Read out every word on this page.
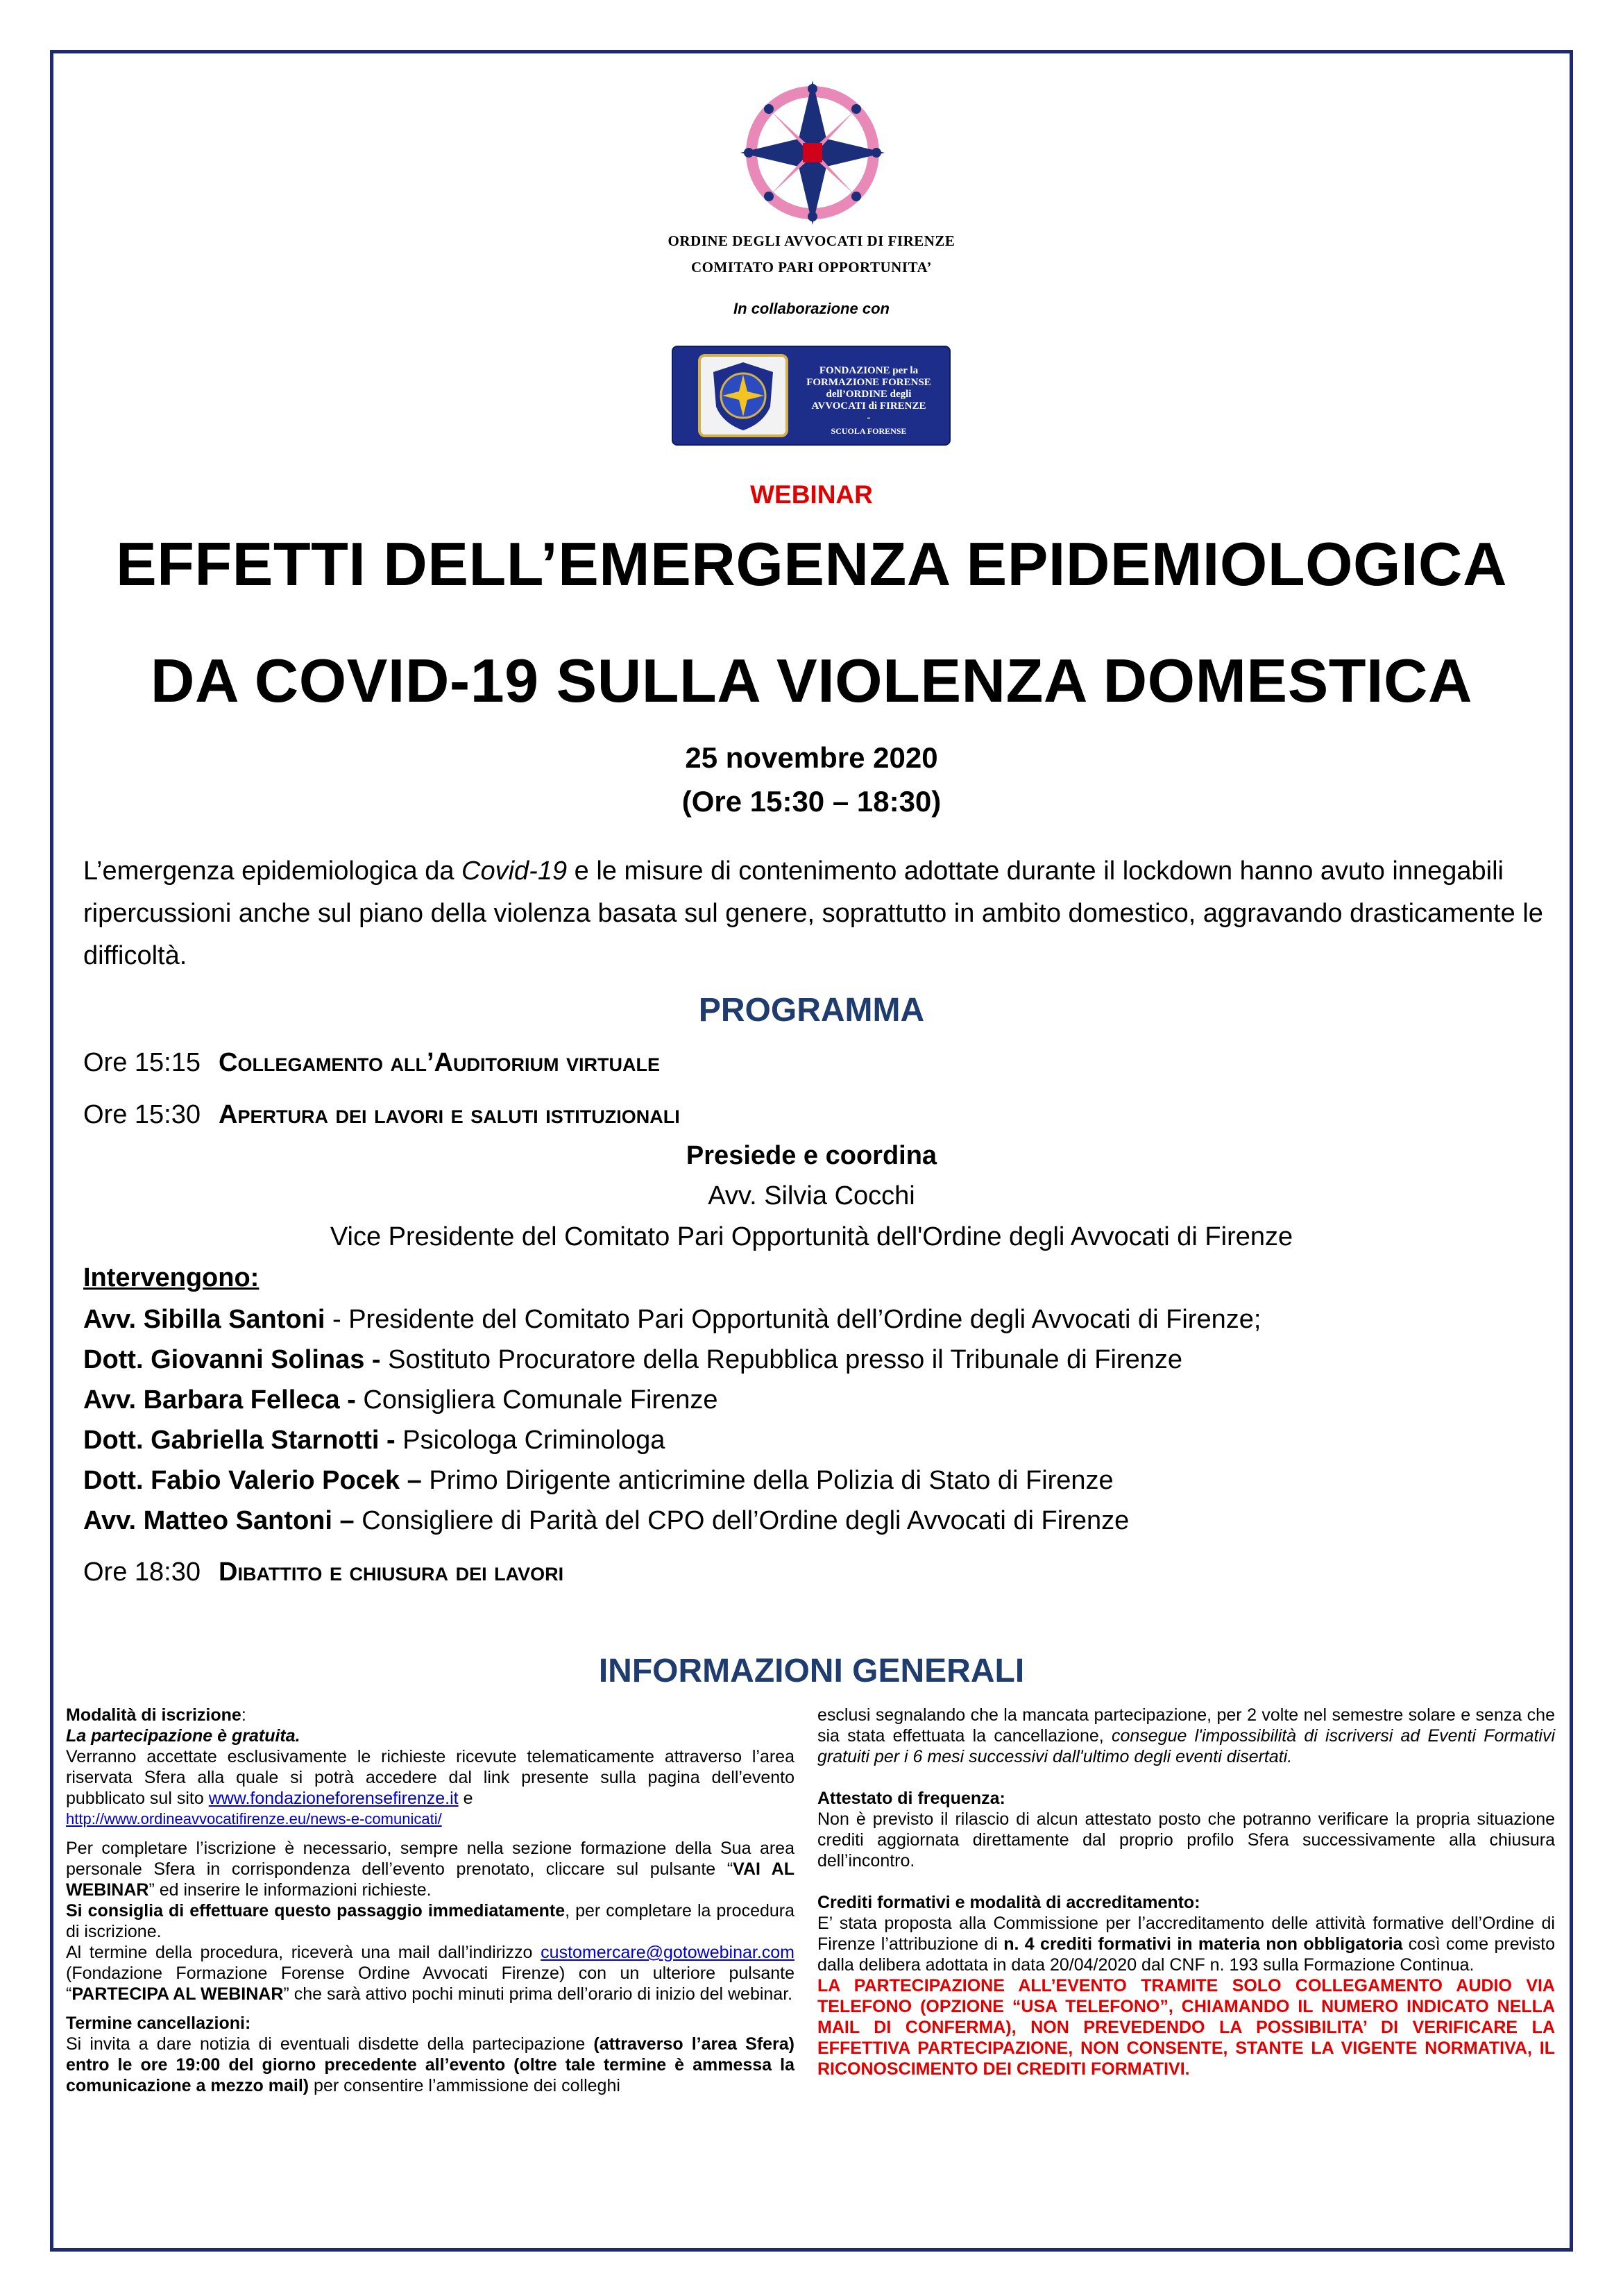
ORDINE DEGLI AVVOCATI DI FIRENZE
COMITATO PARI OPPORTUNITA’
In collaborazione con
FONDAZIONE per la
FORMAZIONE FORENSE
dell’ORDINE degli
AVVOCATI di FIRENZE
-
SCUOLA FORENSE
WEBINAR
EFFETTI DELL’EMERGENZA EPIDEMIOLOGICA
DA COVID-19 SULLA VIOLENZA DOMESTICA
25 novembre 2020
(Ore 15:30 – 18:30)
L’emergenza epidemiologica da Covid-19 e le misure di contenimento adottate durante il lockdown hanno avuto innegabili ripercussioni anche sul piano della violenza basata sul genere, soprattutto in ambito domestico, aggravando drasticamente le difficoltà.
PROGRAMMA
Ore 15:15 Collegamento all’Auditorium virtuale
Ore 15:30 Apertura dei lavori e saluti istituzionali
Presiede e coordina
Avv. Silvia Cocchi
Vice Presidente del Comitato Pari Opportunità dell'Ordine degli Avvocati di Firenze
Intervengono:
Avv. Sibilla Santoni - Presidente del Comitato Pari Opportunità dell’Ordine degli Avvocati di Firenze;
Dott. Giovanni Solinas - Sostituto Procuratore della Repubblica presso il Tribunale di Firenze
Avv. Barbara Felleca - Consigliera Comunale Firenze
Dott. Gabriella Starnotti - Psicologa Criminologa
Dott. Fabio Valerio Pocek – Primo Dirigente anticrimine della Polizia di Stato di Firenze
Avv. Matteo Santoni – Consigliere di Parità del CPO dell’Ordine degli Avvocati di Firenze
Ore 18:30 Dibattito e chiusura dei lavori
INFORMAZIONI GENERALI

Modalità di iscrizione:

La partecipazione è gratuita.

Verranno accettate esclusivamente le richieste ricevute telematicamente attraverso l’area riservata Sfera alla quale si potrà accedere dal link presente sulla pagina dell’evento pubblicato sul sito www.fondazioneforensefirenze.it e

http://www.ordineavvocatifirenze.eu/news-e-comunicati/

Per completare l’iscrizione è necessario, sempre nella sezione formazione della Sua area personale Sfera in corrispondenza dell’evento prenotato, cliccare sul pulsante “VAI AL WEBINAR” ed inserire le informazioni richieste.

Si consiglia di effettuare questo passaggio immediatamente, per completare la procedura di iscrizione.

Al termine della procedura, riceverà una mail dall’indirizzo customercare@gotowebinar.com (Fondazione Formazione Forense Ordine Avvocati Firenze) con un ulteriore pulsante “PARTECIPA AL WEBINAR” che sarà attivo pochi minuti prima dell’orario di inizio del webinar.

Termine cancellazioni:

Si invita a dare notizia di eventuali disdette della partecipazione (attraverso l’area Sfera) entro le ore 19:00 del giorno precedente all’evento (oltre tale termine è ammessa la comunicazione a mezzo mail) per consentire l’ammissione dei colleghi

esclusi segnalando che la mancata partecipazione, per 2 volte nel semestre solare e senza che sia stata effettuata la cancellazione, consegue l'impossibilità di iscriversi ad Eventi Formativi gratuiti per i 6 mesi successivi dall'ultimo degli eventi disertati.

Attestato di frequenza:

Non è previsto il rilascio di alcun attestato posto che potranno verificare la propria situazione crediti aggiornata direttamente dal proprio profilo Sfera successivamente alla chiusura dell’incontro.

Crediti formativi e modalità di accreditamento:

E’ stata proposta alla Commissione per l’accreditamento delle attività formative dell’Ordine di Firenze l’attribuzione di n. 4 crediti formativi in materia non obbligatoria così come previsto dalla delibera adottata in data 20/04/2020 dal CNF n. 193 sulla Formazione Continua.

LA PARTECIPAZIONE ALL’EVENTO TRAMITE SOLO COLLEGAMENTO AUDIO VIA TELEFONO (OPZIONE “USA TELEFONO”, CHIAMANDO IL NUMERO INDICATO NELLA MAIL DI CONFERMA), NON PREVEDENDO LA POSSIBILITA’ DI VERIFICARE LA EFFETTIVA PARTECIPAZIONE, NON CONSENTE, STANTE LA VIGENTE NORMATIVA, IL RICONOSCIMENTO DEI CREDITI FORMATIVI.
